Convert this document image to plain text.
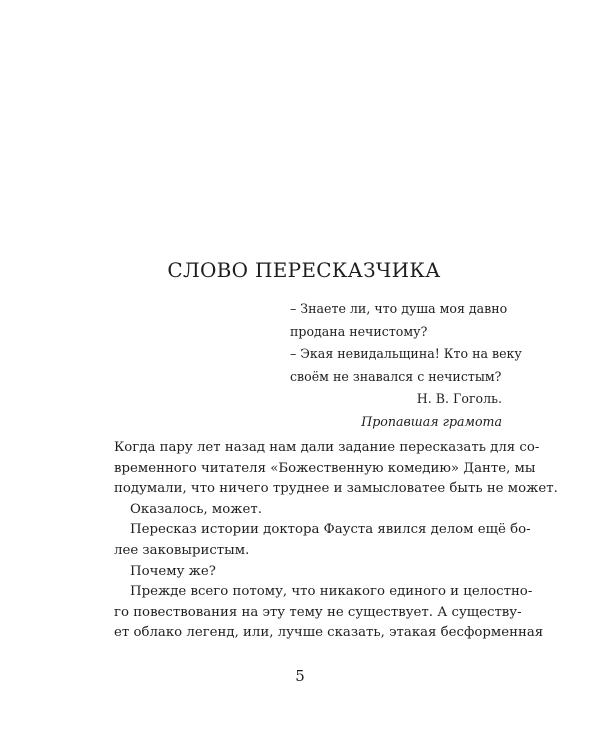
СЛОВО ПЕРЕСКАЗЧИКА
– Знаете ли, что душа моя давно
продана нечистому?
– Экая невидальщина! Кто на веку
своём не знавался с нечистым?
Н. В. Гоголь.
Пропавшая грамота
Когда пару лет назад нам дали задание пересказать для со-
временного читателя «Божественную комедию» Данте, мы
подумали, что ничего труднее и замысловатее быть не может.
Оказалось, может.
Пересказ истории доктора Фауста явился делом ещё бо-
лее заковыристым.
Почему же?
Прежде всего потому, что никакого единого и целостно-
го повествования на эту тему не существует. А существу-
ет облако легенд, или, лучше сказать, этакая бесформенная
5
